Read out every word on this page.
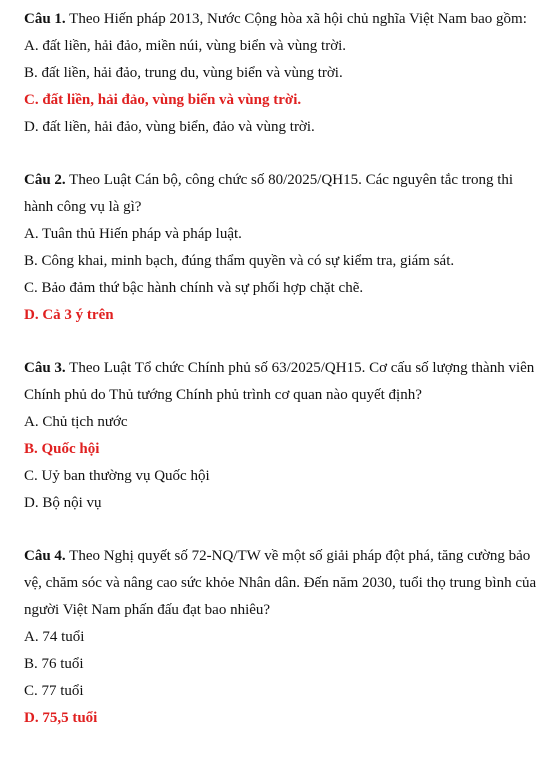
Câu 1. Theo Hiến pháp 2013, Nước Cộng hòa xã hội chủ nghĩa Việt Nam bao gồm:

A. đất liền, hải đảo, miền núi, vùng biển và vùng trời.

B. đất liền, hải đảo, trung du, vùng biển và vùng trời.

C. đất liền, hải đảo, vùng biển và vùng trời.

D. đất liền, hải đảo, vùng biển, đảo và vùng trời.

Câu 2. Theo Luật Cán bộ, công chức số 80/2025/QH15. Các nguyên tắc trong thi hành công vụ là gì?

A. Tuân thủ Hiến pháp và pháp luật.

B. Công khai, minh bạch, đúng thẩm quyền và có sự kiểm tra, giám sát.

C. Bảo đảm thứ bậc hành chính và sự phối hợp chặt chẽ.

D. Cả 3 ý trên

Câu 3. Theo Luật Tổ chức Chính phủ số 63/2025/QH15. Cơ cấu số lượng thành viên Chính phủ do Thủ tướng Chính phủ trình cơ quan nào quyết định?

A. Chủ tịch nước

B. Quốc hội

C. Uỷ ban thường vụ Quốc hội

D. Bộ nội vụ

Câu 4. Theo Nghị quyết số 72-NQ/TW về một số giải pháp đột phá, tăng cường bảo vệ, chăm sóc và nâng cao sức khỏe Nhân dân. Đến năm 2030, tuổi thọ trung bình của người Việt Nam phấn đấu đạt bao nhiêu?

A. 74 tuổi

B. 76 tuổi

C. 77 tuổi

D. 75,5 tuổi
